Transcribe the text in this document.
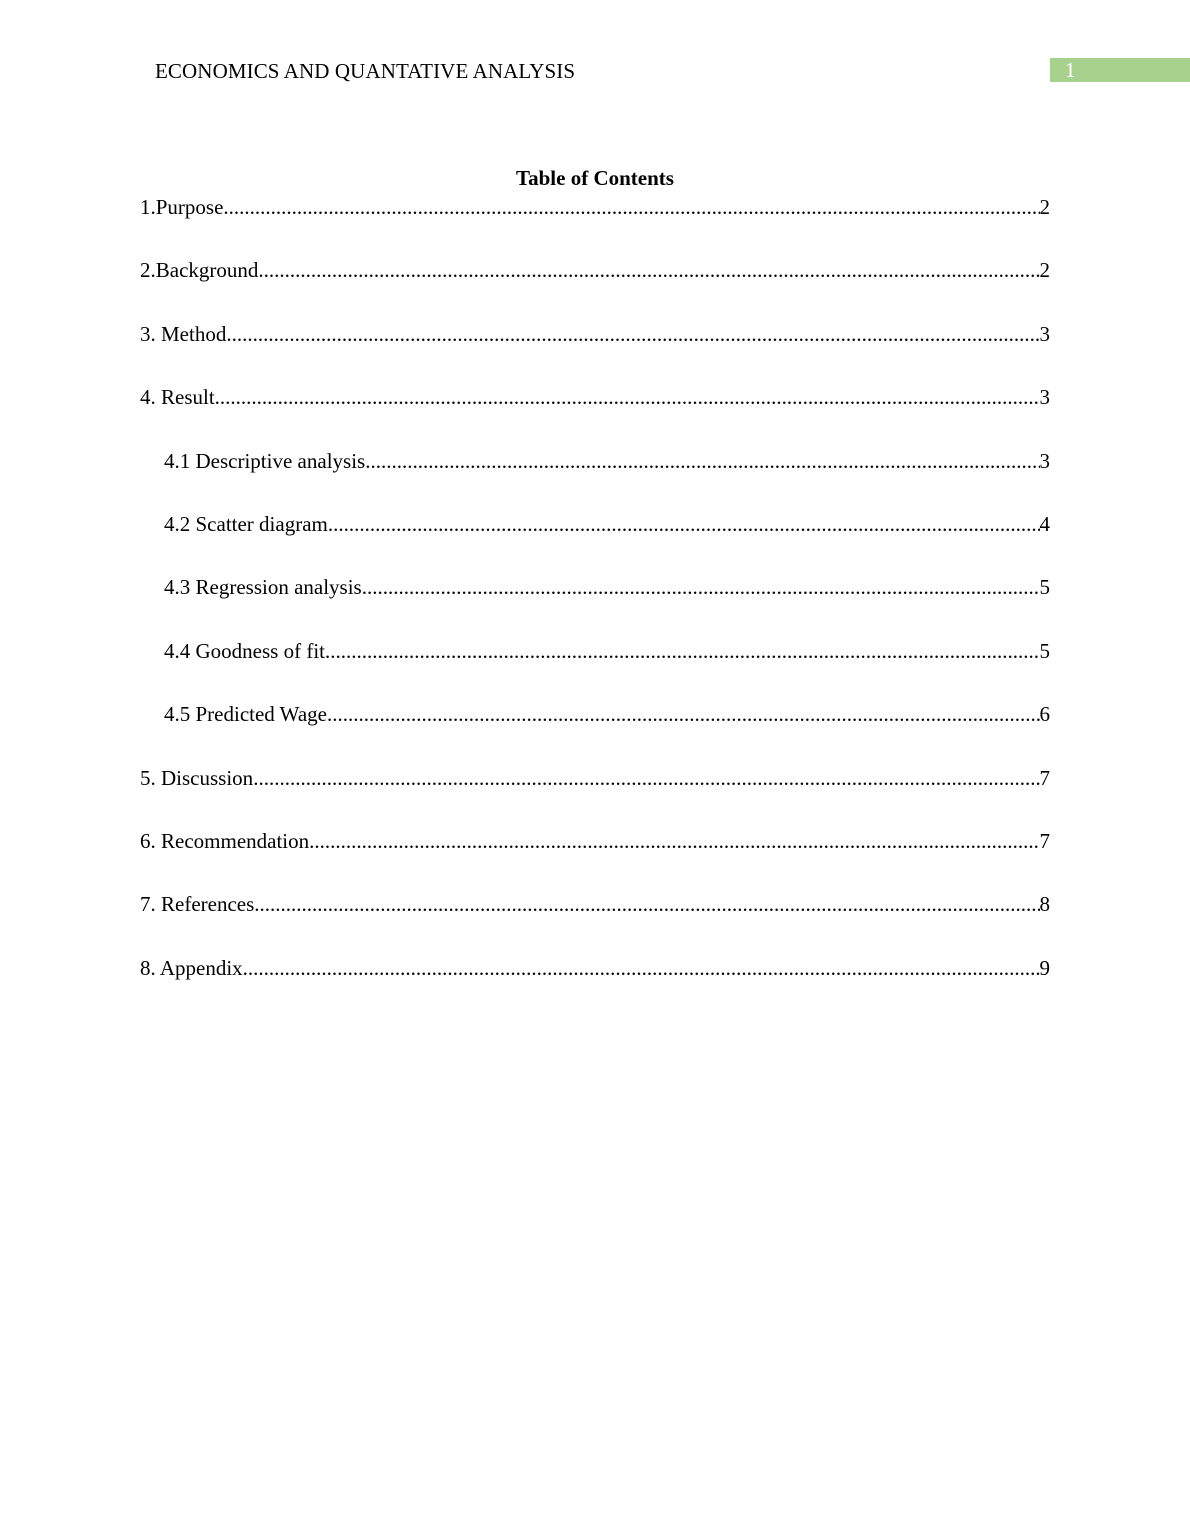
ECONOMICS AND QUANTATIVE ANALYSIS	1
Table of Contents
1.Purpose .....	2
2.Background .....	2
3. Method .....	3
4. Result .....	3
4.1 Descriptive analysis .....	3
4.2 Scatter diagram .....	4
4.3 Regression analysis .....	5
4.4 Goodness of fit .....	5
4.5 Predicted Wage .....	6
5. Discussion .....	7
6. Recommendation .....	7
7. References .....	8
8. Appendix .....	9
